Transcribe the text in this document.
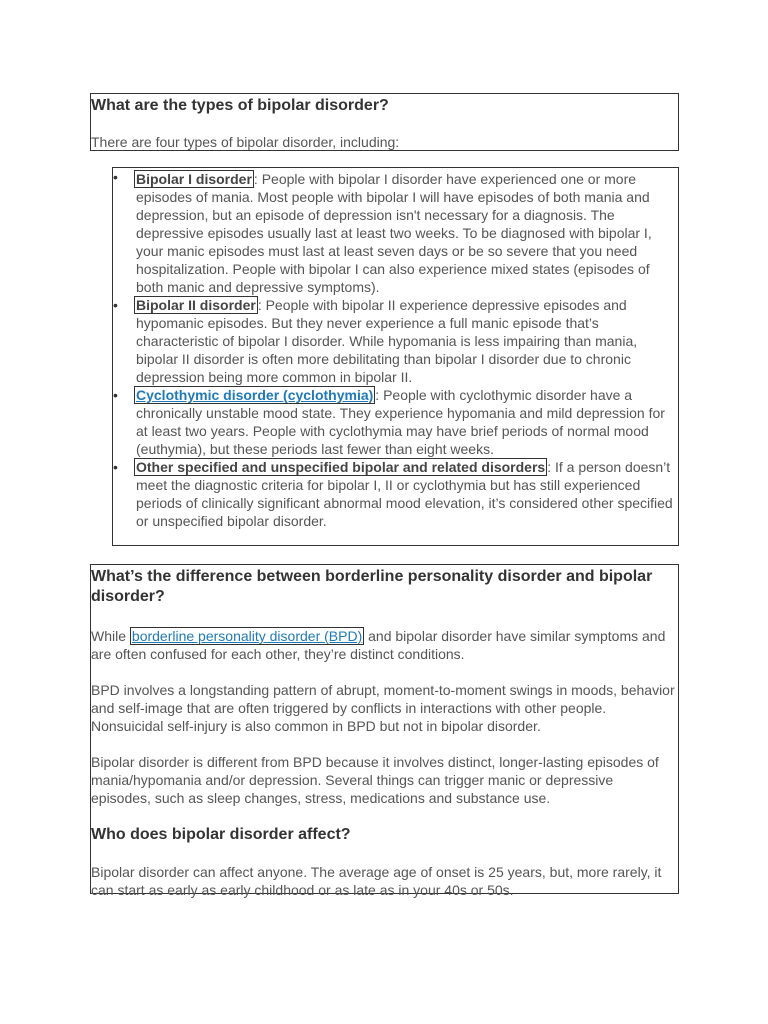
What are the types of bipolar disorder?

There are four types of bipolar disorder, including:

• Bipolar I disorder : People with bipolar I disorder have experienced one or more episodes of mania. Most people with bipolar I will have episodes of both mania and depression, but an episode of depression isn't necessary for a diagnosis. The depressive episodes usually last at least two weeks. To be diagnosed with bipolar I, your manic episodes must last at least seven days or be so severe that you need hospitalization. People with bipolar I can also experience mixed states (episodes of both manic and depressive symptoms).
• Bipolar II disorder : People with bipolar II experience depressive episodes and hypomanic episodes. But they never experience a full manic episode that’s characteristic of bipolar I disorder. While hypomania is less impairing than mania, bipolar II disorder is often more debilitating than bipolar I disorder due to chronic depression being more common in bipolar II.
• Cyclothymic disorder (cyclothymia) : People with cyclothymic disorder have a chronically unstable mood state. They experience hypomania and mild depression for at least two years. People with cyclothymia may have brief periods of normal mood (euthymia), but these periods last fewer than eight weeks.
• Other specified and unspecified bipolar and related disorders : If a person doesn’t meet the diagnostic criteria for bipolar I, II or cyclothymia but has still experienced periods of clinically significant abnormal mood elevation, it’s considered other specified or unspecified bipolar disorder.
What’s the difference between borderline personality disorder and bipolar disorder?

While borderline personality disorder (BPD) and bipolar disorder have similar symptoms and are often confused for each other, they’re distinct conditions.

BPD involves a longstanding pattern of abrupt, moment-to-moment swings in moods, behavior and self-image that are often triggered by conflicts in interactions with other people. Nonsuicidal self-injury is also common in BPD but not in bipolar disorder.

Bipolar disorder is different from BPD because it involves distinct, longer-lasting episodes of mania/hypomania and/or depression. Several things can trigger manic or depressive episodes, such as sleep changes, stress, medications and substance use.

Who does bipolar disorder affect?

Bipolar disorder can affect anyone. The average age of onset is 25 years, but, more rarely, it can start as early as early childhood or as late as in your 40s or 50s.
